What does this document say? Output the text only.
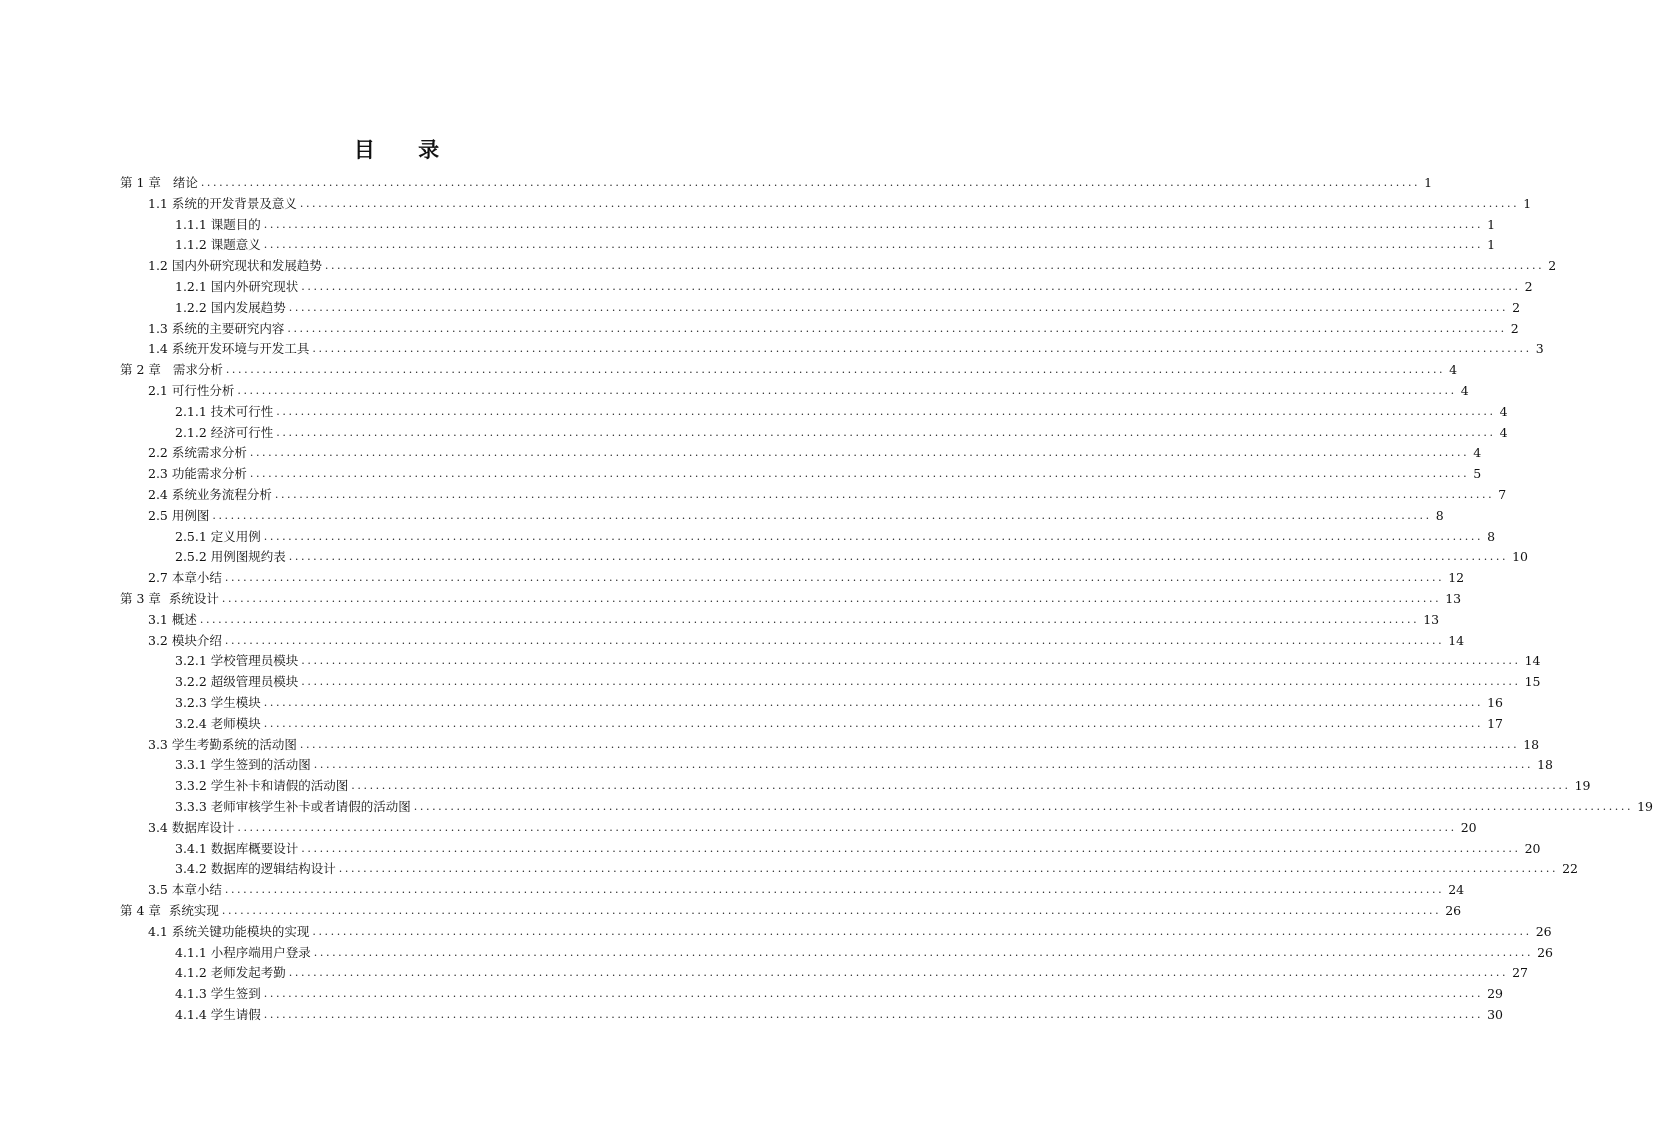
目 录
第 1 章   绪论 ........................................................................................................................................................................................................ 1
1.1 系统的开发背景及意义 ........................................................................................................................................................................................................ 1
1.1.1 课题目的 ........................................................................................................................................................................................................ 1
1.1.2 课题意义 ........................................................................................................................................................................................................ 1
1.2 国内外研究现状和发展趋势 ........................................................................................................................................................................................................ 2
1.2.1 国内外研究现状 ........................................................................................................................................................................................................ 2
1.2.2 国内发展趋势 ........................................................................................................................................................................................................ 2
1.3 系统的主要研究内容 ........................................................................................................................................................................................................ 2
1.4 系统开发环境与开发工具 ........................................................................................................................................................................................................ 3
第 2 章   需求分析 ........................................................................................................................................................................................................ 4
2.1 可行性分析 ........................................................................................................................................................................................................ 4
2.1.1 技术可行性 ........................................................................................................................................................................................................ 4
2.1.2 经济可行性 ........................................................................................................................................................................................................ 4
2.2 系统需求分析 ........................................................................................................................................................................................................ 4
2.3 功能需求分析 ........................................................................................................................................................................................................ 5
2.4 系统业务流程分析 ........................................................................................................................................................................................................ 7
2.5 用例图 ........................................................................................................................................................................................................ 8
2.5.1 定义用例 ........................................................................................................................................................................................................ 8
2.5.2 用例图规约表 ........................................................................................................................................................................................................ 10
2.7 本章小结 ........................................................................................................................................................................................................ 12
第 3 章  系统设计 ........................................................................................................................................................................................................ 13
3.1 概述 ........................................................................................................................................................................................................ 13
3.2 模块介绍 ........................................................................................................................................................................................................ 14
3.2.1 学校管理员模块 ........................................................................................................................................................................................................ 14
3.2.2 超级管理员模块 ........................................................................................................................................................................................................ 15
3.2.3 学生模块 ........................................................................................................................................................................................................ 16
3.2.4 老师模块 ........................................................................................................................................................................................................ 17
3.3 学生考勤系统的活动图 ........................................................................................................................................................................................................ 18
3.3.1 学生签到的活动图 ........................................................................................................................................................................................................ 18
3.3.2 学生补卡和请假的活动图 ........................................................................................................................................................................................................ 19
3.3.3 老师审核学生补卡或者请假的活动图 ........................................................................................................................................................................................................ 19
3.4 数据库设计 ........................................................................................................................................................................................................ 20
3.4.1 数据库概要设计 ........................................................................................................................................................................................................ 20
3.4.2 数据库的逻辑结构设计 ........................................................................................................................................................................................................ 22
3.5 本章小结 ........................................................................................................................................................................................................ 24
第 4 章  系统实现 ........................................................................................................................................................................................................ 26
4.1 系统关键功能模块的实现 ........................................................................................................................................................................................................ 26
4.1.1 小程序端用户登录 ........................................................................................................................................................................................................ 26
4.1.2 老师发起考勤 ........................................................................................................................................................................................................ 27
4.1.3 学生签到 ........................................................................................................................................................................................................ 29
4.1.4 学生请假 ........................................................................................................................................................................................................ 30
